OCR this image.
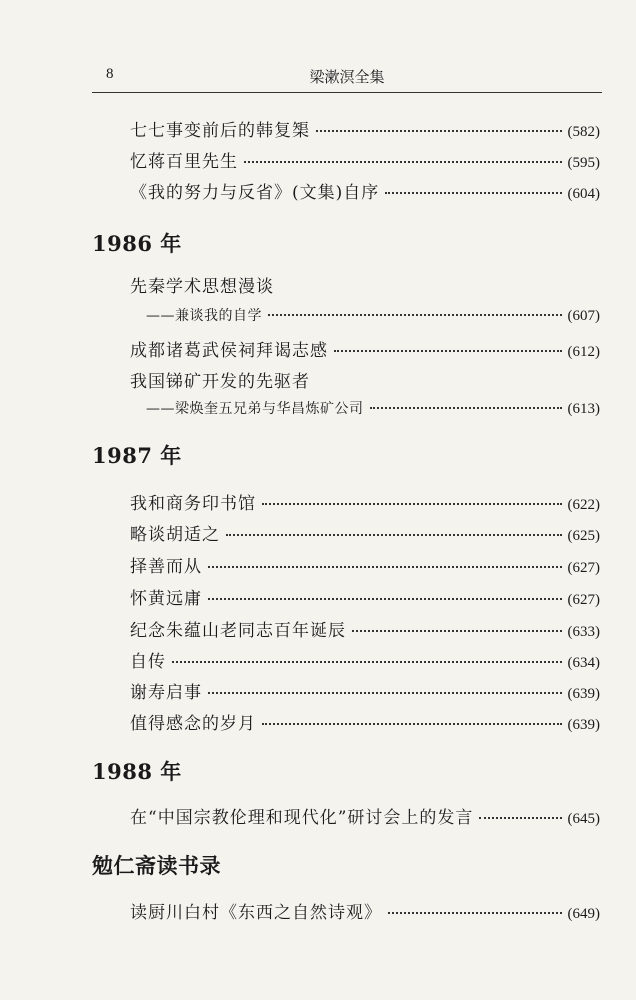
8	梁漱溟全集
七七事变前后的韩复榘	(582)
忆蒋百里先生	(595)
《我的努力与反省》(文集)自序	(604)
1986 年
先秦学术思想漫谈
——兼谈我的自学	(607)
成都诸葛武侯祠拜谒志感	(612)
我国锑矿开发的先驱者
——梁焕奎五兄弟与华昌炼矿公司	(613)
1987 年
我和商务印书馆	(622)
略谈胡适之	(625)
择善而从	(627)
怀黄远庸	(627)
纪念朱蕴山老同志百年诞辰	(633)
自传	(634)
谢寿启事	(639)
值得感念的岁月	(639)
1988 年
在“中国宗教伦理和现代化”研讨会上的发言	(645)
勉仁斋读书录
读厨川白村《东西之自然诗观》	(649)
